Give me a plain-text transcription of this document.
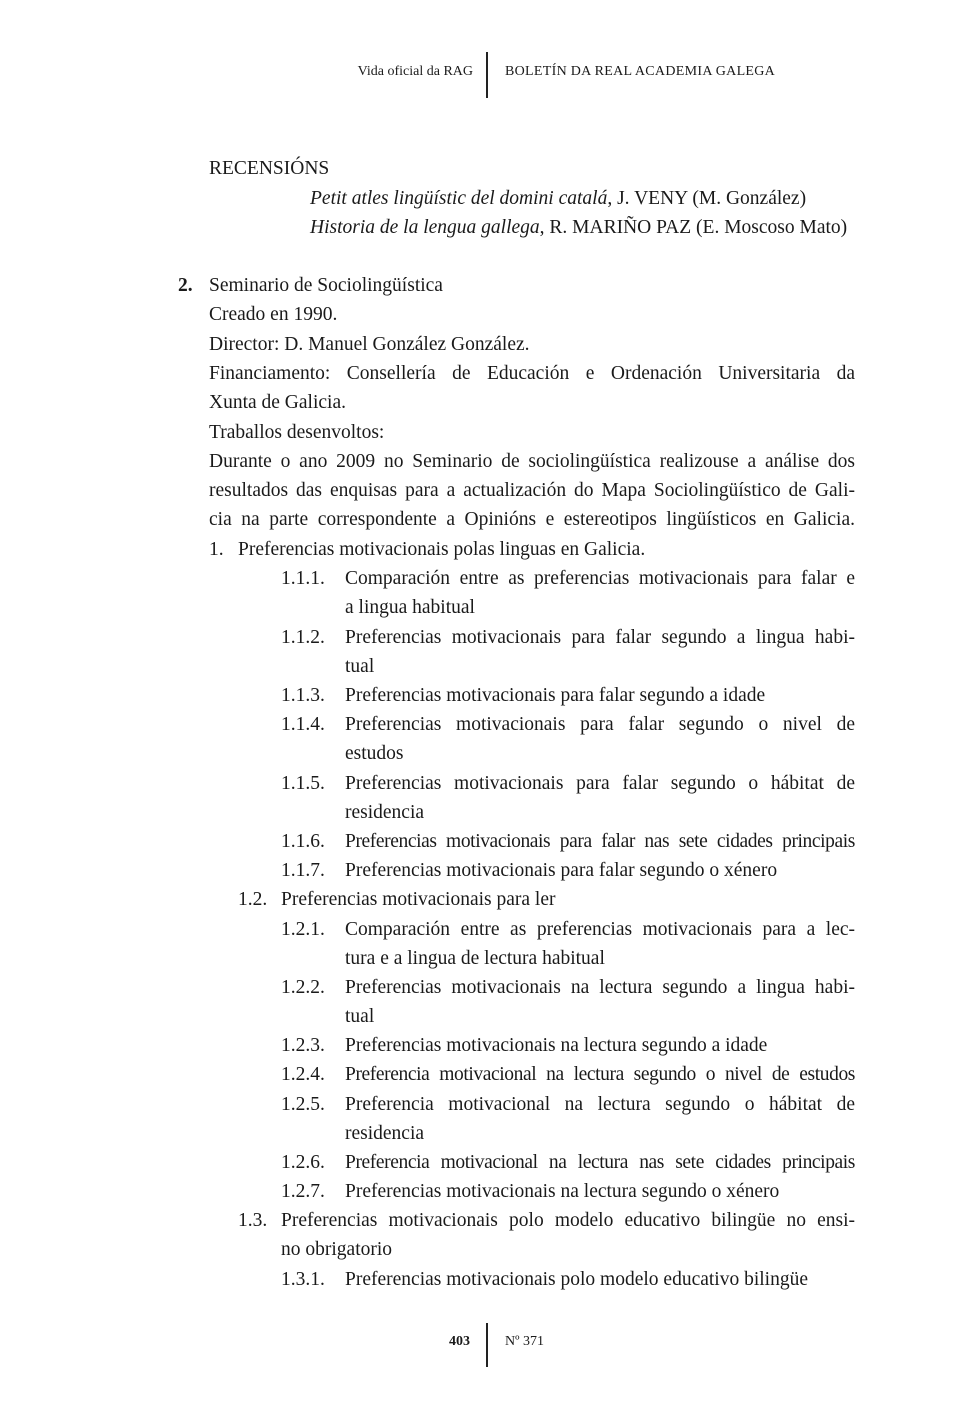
Vida oficial da RAG BOLETÍN DA REAL ACADEMIA GALEGA
RECENSIÓNS
Petit atles lingüístic del domini catalá, J. VENY (M. González)
Historia de la lengua gallega, R. MARIÑO PAZ (E. Moscoso Mato)
2. Seminario de Sociolingüística
Creado en 1990.
Director: D. Manuel González González.
Financiamento: Consellería de Educación e Ordenación Universitaria da
Xunta de Galicia.
Traballos desenvoltos:
Durante o ano 2009 no Seminario de sociolingüística realizouse a análise dos
resultados das enquisas para a actualización do Mapa Sociolingüístico de Gali-
cia na parte correspondente a Opinións e estereotipos lingüísticos en Galicia.
1. Preferencias motivacionais polas linguas en Galicia.
1.1.1. Comparación entre as preferencias motivacionais para falar e
a lingua habitual
1.1.2. Preferencias motivacionais para falar segundo a lingua habi-
tual
1.1.3. Preferencias motivacionais para falar segundo a idade
1.1.4. Preferencias motivacionais para falar segundo o nivel de
estudos
1.1.5. Preferencias motivacionais para falar segundo o hábitat de
residencia
1.1.6. Preferencias motivacionais para falar nas sete cidades principais
1.1.7. Preferencias motivacionais para falar segundo o xénero
1.2. Preferencias motivacionais para ler
1.2.1. Comparación entre as preferencias motivacionais para a lec-
tura e a lingua de lectura habitual
1.2.2. Preferencias motivacionais na lectura segundo a lingua habi-
tual
1.2.3. Preferencias motivacionais na lectura segundo a idade
1.2.4. Preferencia motivacional na lectura segundo o nivel de estudos
1.2.5. Preferencia motivacional na lectura segundo o hábitat de
residencia
1.2.6. Preferencia motivacional na lectura nas sete cidades principais
1.2.7. Preferencias motivacionais na lectura segundo o xénero
1.3. Preferencias motivacionais polo modelo educativo bilingüe no ensi-
no obrigatorio
1.3.1. Preferencias motivacionais polo modelo educativo bilingüe
403	Nº 371
